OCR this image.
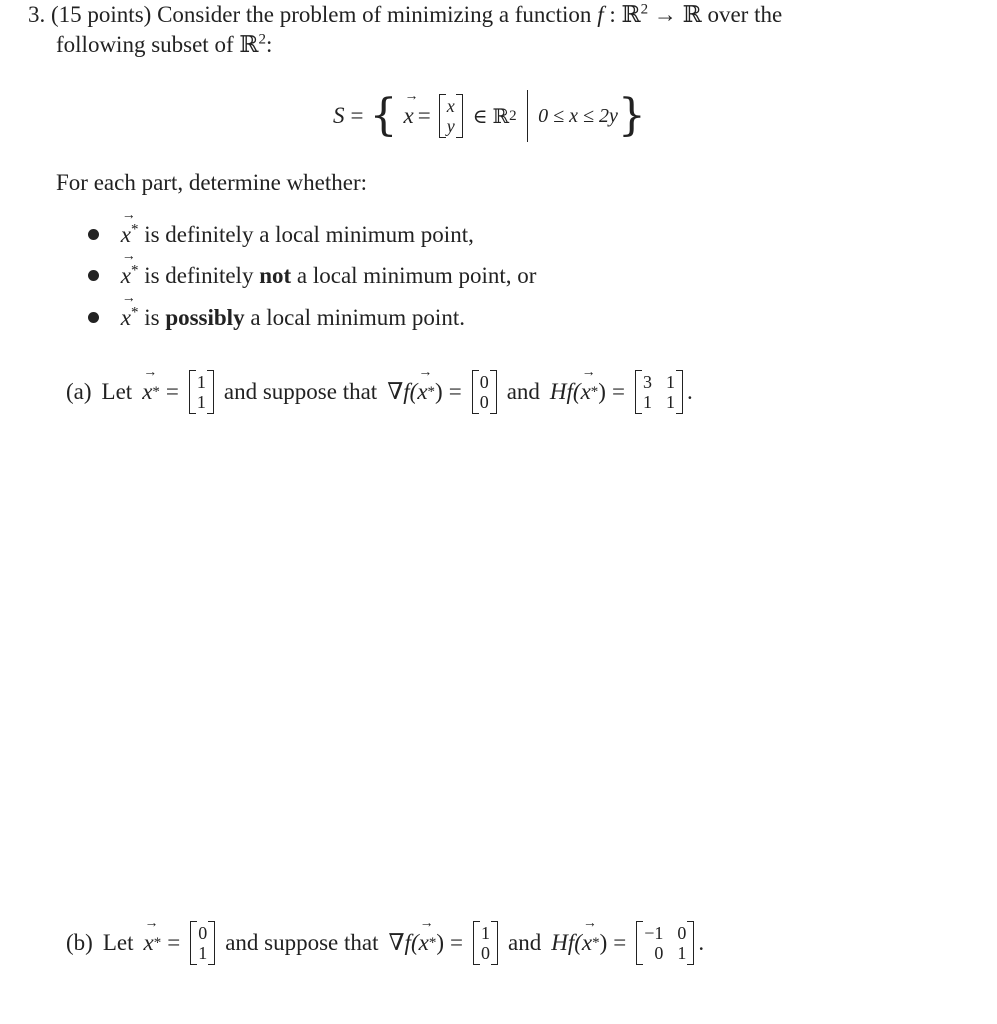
3. (15 points) Consider the problem of minimizing a function f : ℝ$^2$ → ℝ over the
following subset of ℝ$^2$:
S = { →
x = x
y ∈ ℝ 2 0 ≤ x ≤ 2y }
For each part, determine whether:

→
x* is definitely a local minimum point,

→
x* is definitely not a local minimum point, or

→
x* is possibly a local minimum point.
(a) Let
→
x * = 1
1 and suppose that ∇f(
→
x * ) = 0
0 and Hf(
→
x * ) = 3 1
1 1 .
(b) Let
→
x * = 0
1 and suppose that ∇f(
→
x * ) = 1
0 and Hf(
→
x * ) = −1 0
0 1 .
